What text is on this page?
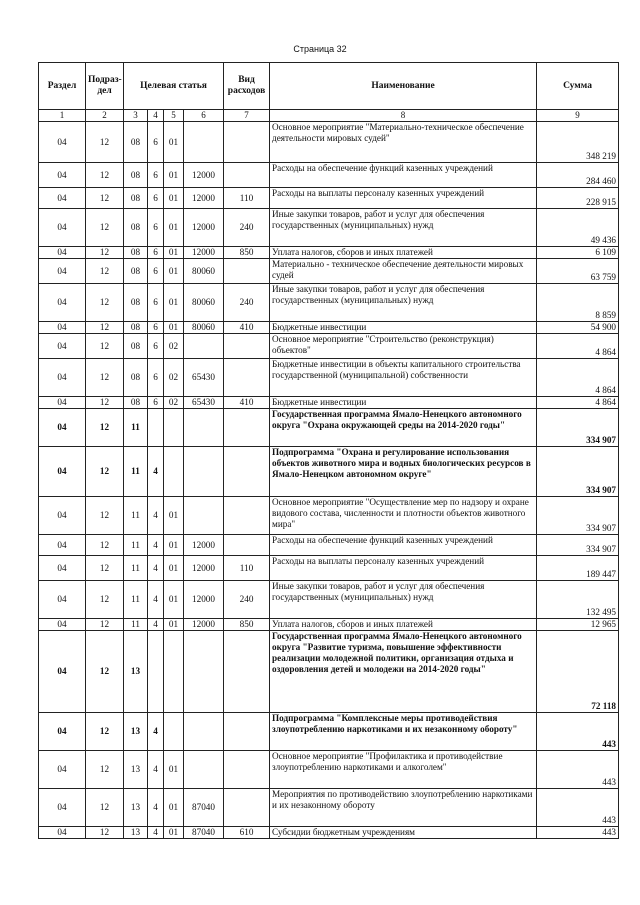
Страница 32
Раздел	Подраз-дел	Целевая статья				Вид расходов	Наименование	Сумма
1	2	3	4	5	6	7	8	9
04	12	08	6	01			Основное мероприятие "Материально-техническое обеспечение деятельности мировых судей"	348 219
04	12	08	6	01	12000		Расходы на обеспечение функций казенных учреждений	284 460
04	12	08	6	01	12000	110	Расходы на выплаты персоналу казенных учреждений	228 915
04	12	08	6	01	12000	240	Иные закупки товаров, работ и услуг для обеспечения государственных (муниципальных) нужд	49 436
04	12	08	6	01	12000	850	Уплата налогов, сборов и иных платежей	6 109
04	12	08	6	01	80060		Материально - техническое обеспечение деятельности мировых судей	63 759
04	12	08	6	01	80060	240	Иные закупки товаров, работ и услуг для обеспечения государственных (муниципальных) нужд	8 859
04	12	08	6	01	80060	410	Бюджетные инвестиции	54 900
04	12	08	6	02			Основное мероприятие "Строительство (реконструкция) объектов"	4 864
04	12	08	6	02	65430		Бюджетные инвестиции в объекты капитального строительства государственной (муниципальной) собственности	4 864
04	12	08	6	02	65430	410	Бюджетные инвестиции	4 864
04	12	11					Государственная программа Ямало-Ненецкого автономного округа "Охрана окружающей среды на 2014-2020 годы"	334 907
04	12	11	4				Подпрограмма "Охрана и регулирование использования объектов животного мира и водных биологических ресурсов в Ямало-Ненецком автономном округе"	334 907
04	12	11	4	01			Основное мероприятие "Осуществление мер по надзору и охране видового состава, численности и плотности объектов животного мира"	334 907
04	12	11	4	01	12000		Расходы на обеспечение функций казенных учреждений	334 907
04	12	11	4	01	12000	110	Расходы на выплаты персоналу казенных учреждений	189 447
04	12	11	4	01	12000	240	Иные закупки товаров, работ и услуг для обеспечения государственных (муниципальных) нужд	132 495
04	12	11	4	01	12000	850	Уплата налогов, сборов и иных платежей	12 965
04	12	13					Государственная программа Ямало-Ненецкого автономного округа "Развитие туризма, повышение эффективности реализации молодежной политики, организация отдыха и оздоровления детей и молодежи на 2014-2020 годы"	72 118
04	12	13	4				Подпрограмма "Комплексные меры противодействия злоупотреблению наркотиками и их незаконному обороту"	443
04	12	13	4	01			Основное мероприятие "Профилактика и противодействие злоупотреблению наркотиками и алкоголем"	443
04	12	13	4	01	87040		Мероприятия по противодействию злоупотреблению наркотиками и их незаконному обороту	443
04	12	13	4	01	87040	610	Субсидии бюджетным учреждениям	443
